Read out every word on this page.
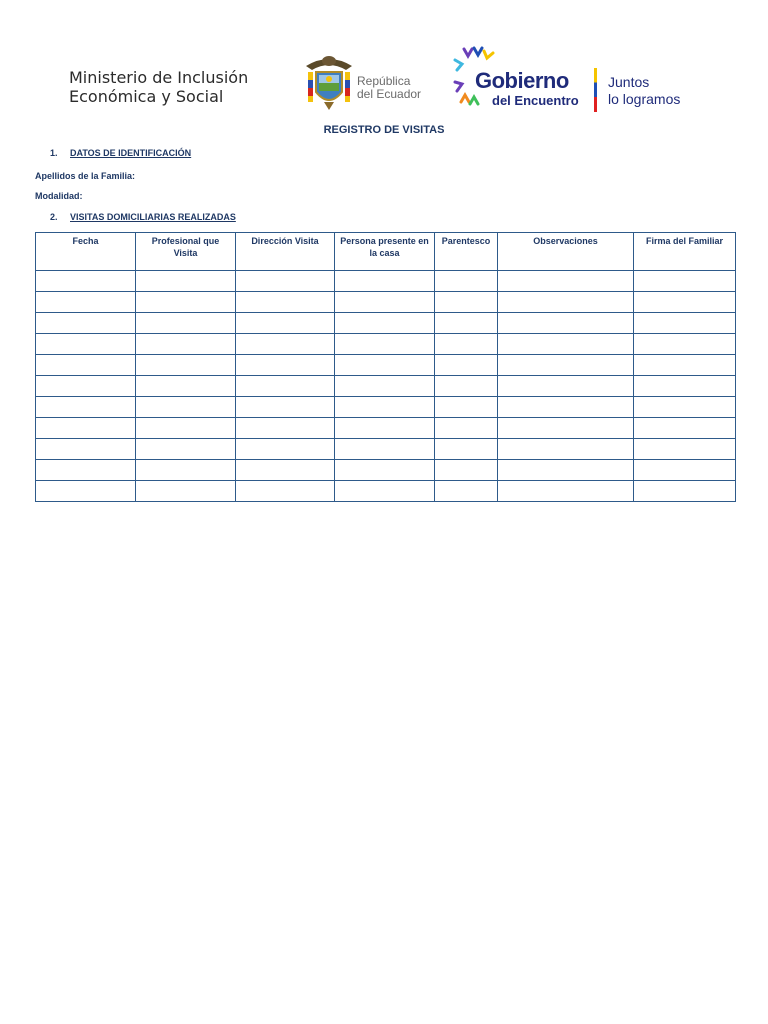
Ministerio de Inclusión
Económica y Social
República
del Ecuador
Gobierno
del Encuentro
Juntos
lo logramos
REGISTRO DE VISITAS
1. DATOS DE IDENTIFICACIÓN
Apellidos de la Familia:
Modalidad:
2. VISITAS DOMICILIARIAS REALIZADAS
Fecha	Profesional que Visita	Dirección Visita	Persona presente en la casa	Parentesco	Observaciones	Firma del Familiar
